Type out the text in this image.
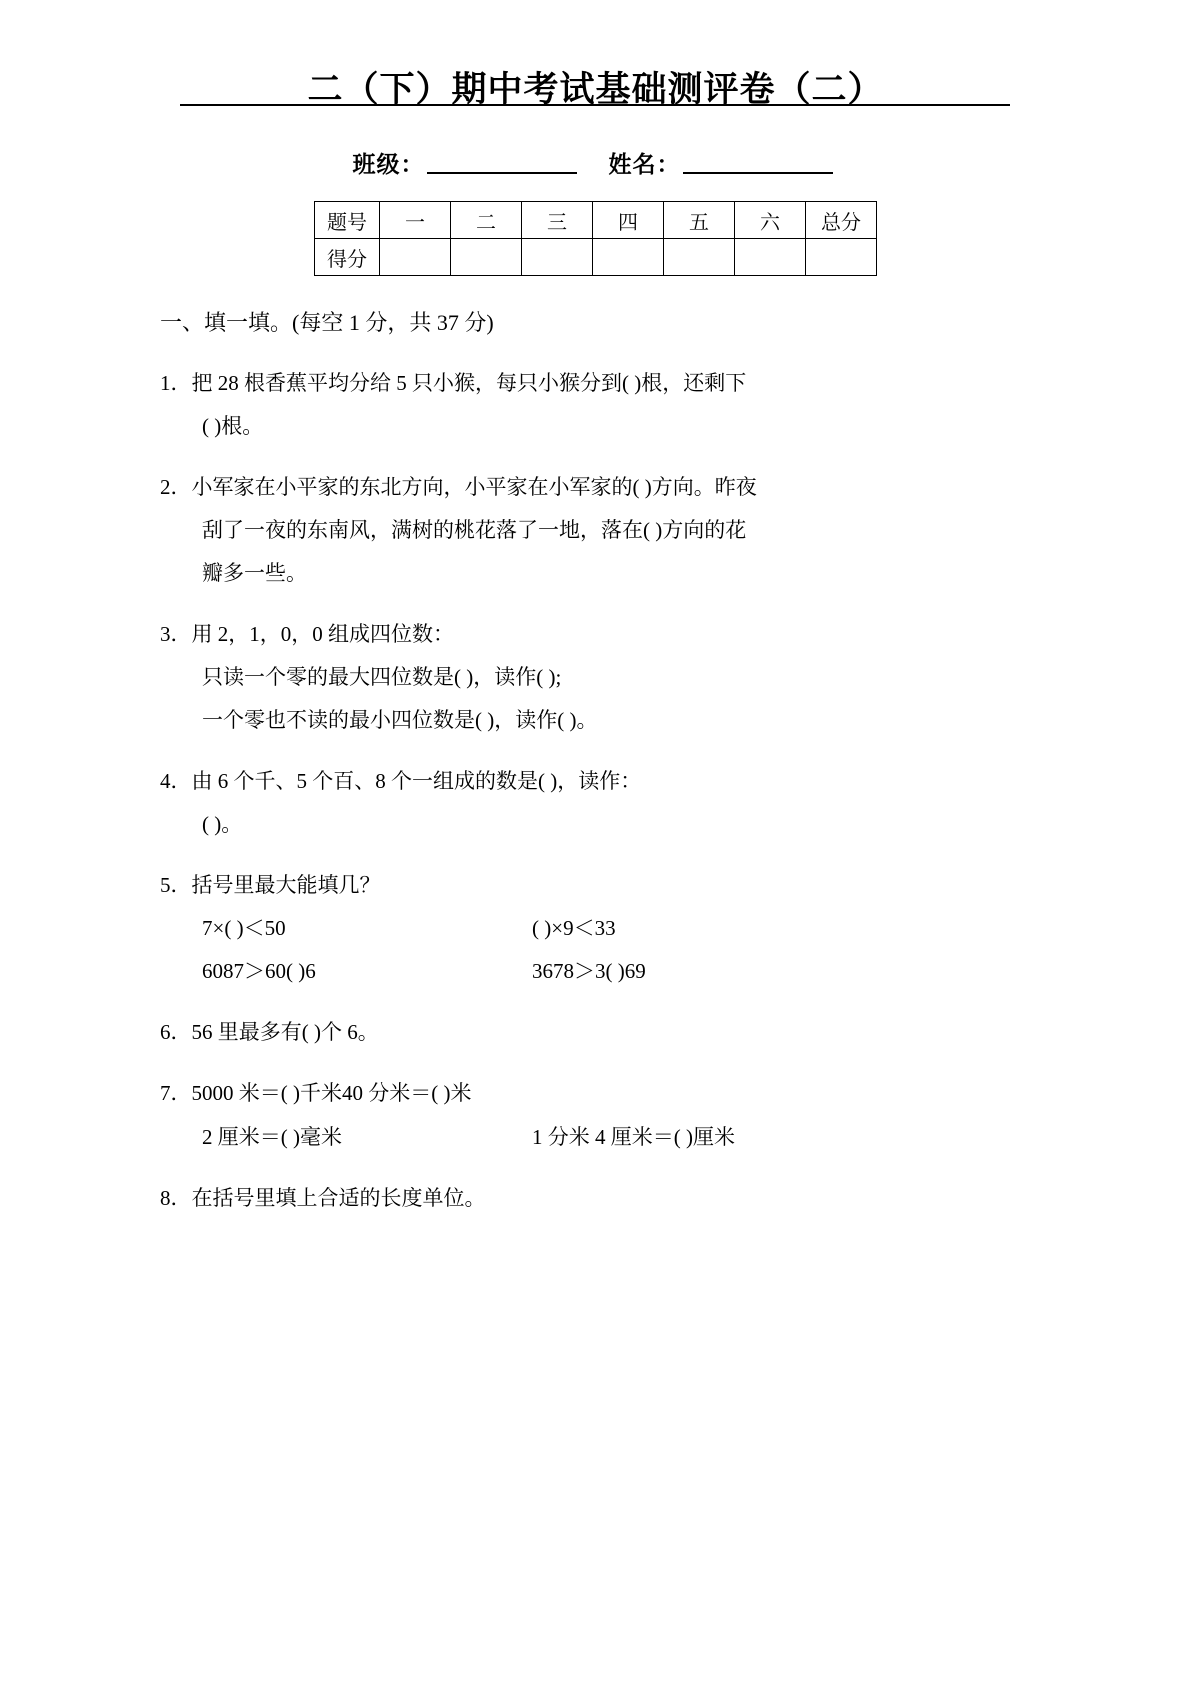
二（下）期中考试基础测评卷（二）
班级：	姓名：
题号	一	二	三	四	五	六	总分
得分							
一、填一填。(每空 1 分，共 37 分)
1．把 28 根香蕉平均分给 5 只小猴，每只小猴分到( )根，还剩下
( )根。
2．小军家在小平家的东北方向，小平家在小军家的( )方向。昨夜
刮了一夜的东南风，满树的桃花落了一地，落在( )方向的花
瓣多一些。
3．用 2，1，0，0 组成四位数：
只读一个零的最大四位数是( )，读作( );
一个零也不读的最小四位数是( )，读作( )。
4．由 6 个千、5 个百、8 个一组成的数是( )，读作：
( )。
5．括号里最大能填几？
7×( )＜50	( )×9＜33
6087＞60( )6	3678＞3( )69
6．56 里最多有( )个 6。
7．5000 米＝( )千米40 分米＝( )米
2 厘米＝( )毫米	1 分米 4 厘米＝( )厘米
8．在括号里填上合适的长度单位。
